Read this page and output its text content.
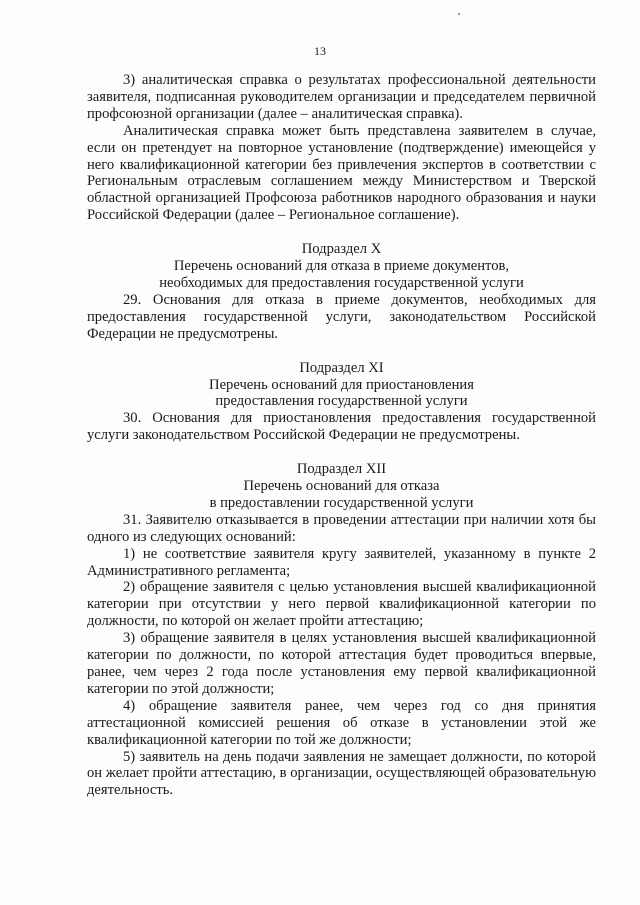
13

3) аналитическая справка о результатах профессиональной деятельности заявителя, подписанная руководителем организации и председателем первичной профсоюзной организации (далее – аналитическая справка).

Аналитическая справка может быть представлена заявителем в случае, если он претендует на повторное установление (подтверждение) имеющейся у него квалификационной категории без привлечения экспертов в соответствии с Региональным отраслевым соглашением между Министерством и Тверской областной организацией Профсоюза работников народного образования и науки Российской Федерации (далее – Региональное соглашение).

Подраздел X

Перечень оснований для отказа в приеме документов,

необходимых для предоставления государственной услуги

29. Основания для отказа в приеме документов, необходимых для предоставления государственной услуги, законодательством Российской Федерации не предусмотрены.

Подраздел XI

Перечень оснований для приостановления

предоставления государственной услуги

30. Основания для приостановления предоставления государственной услуги законодательством Российской Федерации не предусмотрены.

Подраздел XII

Перечень оснований для отказа

в предоставлении государственной услуги

31. Заявителю отказывается в проведении аттестации при наличии хотя бы одного из следующих оснований:

1) не соответствие заявителя кругу заявителей, указанному в пункте 2 Административного регламента;

2) обращение заявителя с целью установления высшей квалификационной категории при отсутствии у него первой квалификационной категории по должности, по которой он желает пройти аттестацию;

3) обращение заявителя в целях установления высшей квалификационной категории по должности, по которой аттестация будет проводиться впервые, ранее, чем через 2 года после установления ему первой квалификационной категории по этой должности;

4) обращение заявителя ранее, чем через год со дня принятия аттестационной комиссией решения об отказе в установлении этой же квалификационной категории по той же должности;

5) заявитель на день подачи заявления не замещает должности, по которой он желает пройти аттестацию, в организации, осуществляющей образовательную деятельность.
